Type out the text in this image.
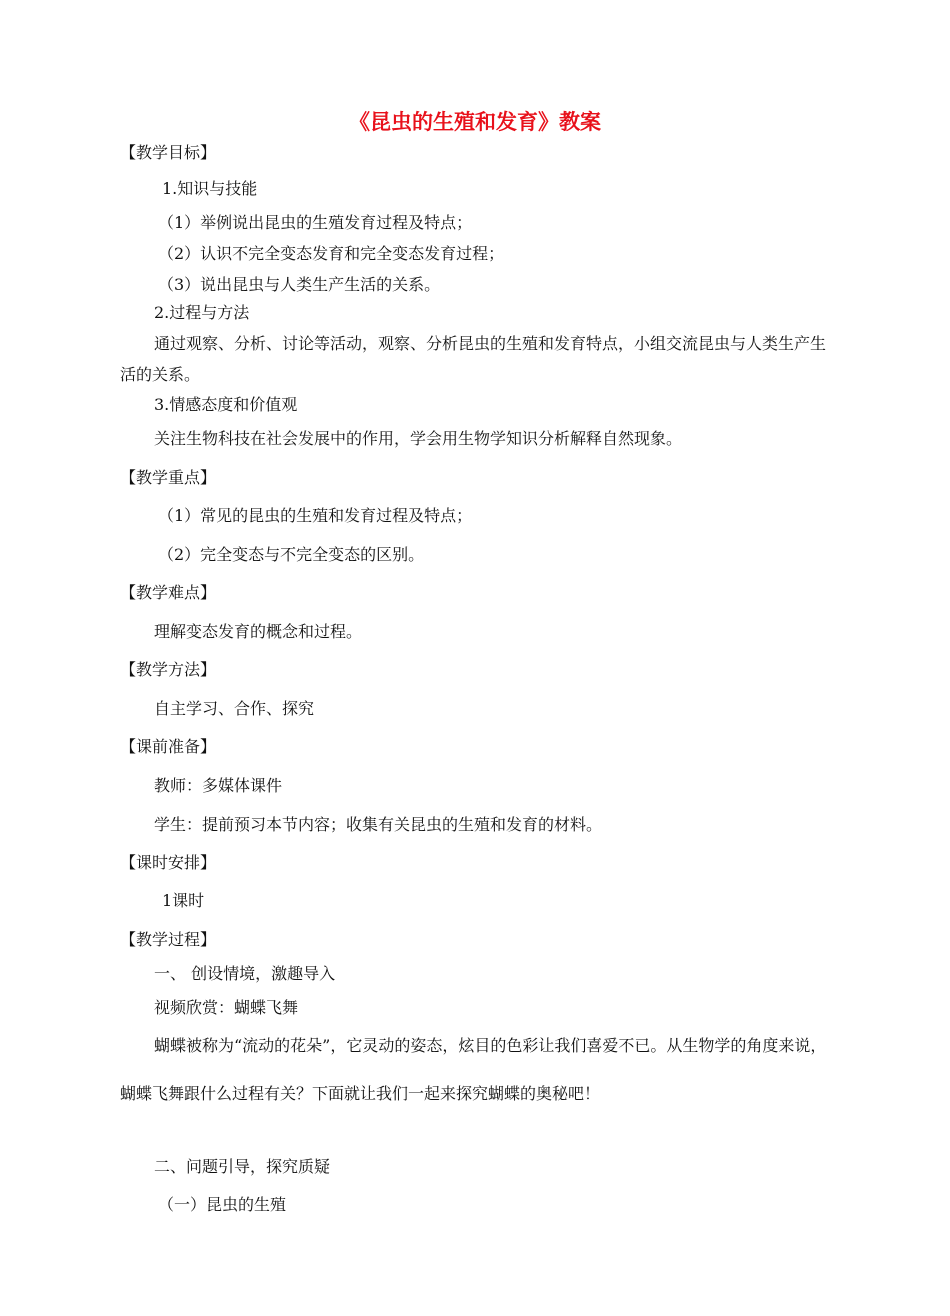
《昆虫的生殖和发育》教案
【教学目标】
1.知识与技能
（1）举例说出昆虫的生殖发育过程及特点；
（2）认识不完全变态发育和完全变态发育过程；
（3）说出昆虫与人类生产生活的关系。
2.过程与方法
通过观察、分析、讨论等活动，观察、分析昆虫的生殖和发育特点，小组交流昆虫与人类生产生活的关系。
3.情感态度和价值观
关注生物科技在社会发展中的作用，学会用生物学知识分析解释自然现象。
【教学重点】
（1）常见的昆虫的生殖和发育过程及特点；
（2）完全变态与不完全变态的区别。
【教学难点】
理解变态发育的概念和过程。
【教学方法】
自主学习、合作、探究
【课前准备】
教师：多媒体课件
学生：提前预习本节内容；收集有关昆虫的生殖和发育的材料。
【课时安排】
1课时
【教学过程】
一、 创设情境，激趣导入
视频欣赏：蝴蝶飞舞
蝴蝶被称为“流动的花朵”，它灵动的姿态，炫目的色彩让我们喜爱不已。从生物学的角度来说，蝴蝶飞舞跟什么过程有关？下面就让我们一起来探究蝴蝶的奥秘吧！
二、问题引导，探究质疑
（一）昆虫的生殖
